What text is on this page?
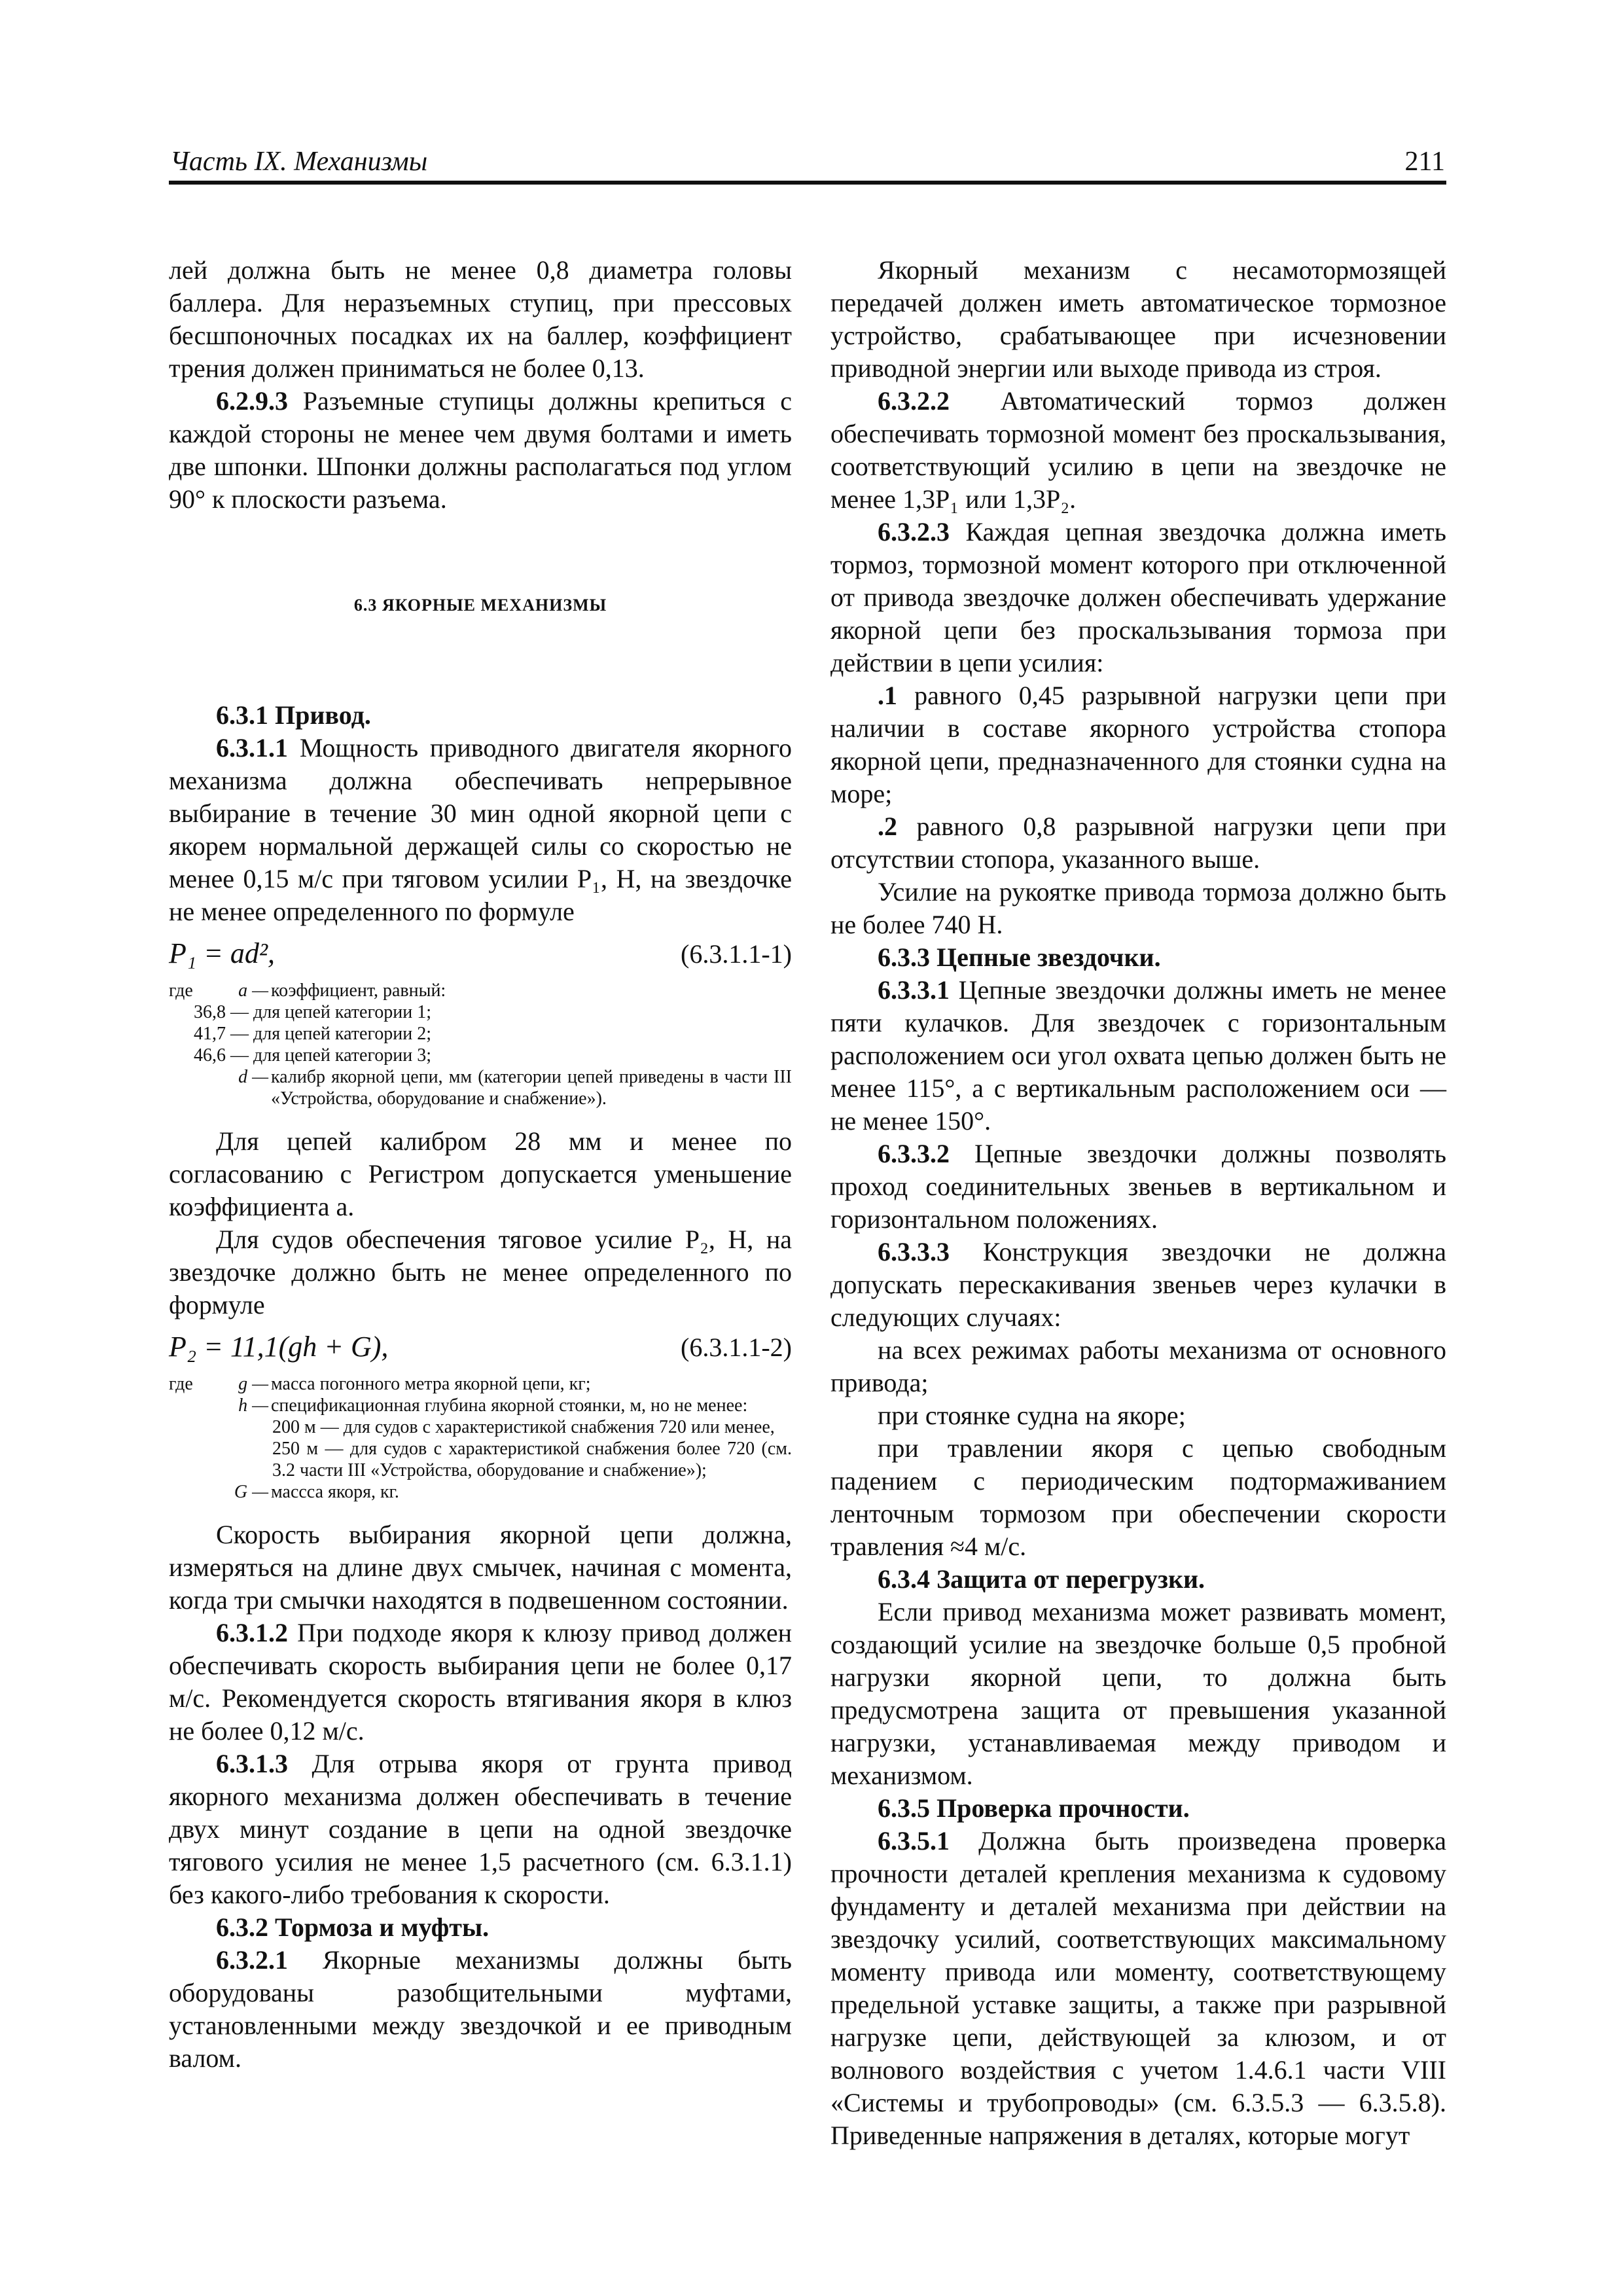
Часть IX. Механизмы	211

лей должна быть не менее 0,8 диаметра головы баллера. Для неразъемных ступиц, при прессовых бесшпоночных посадках их на баллер, коэффициент трения должен приниматься не более 0,13.

6.2.9.3 Разъемные ступицы должны крепиться с каждой стороны не менее чем двумя болтами и иметь две шпонки. Шпонки должны располагаться под углом 90° к плоскости разъема.

6.3 ЯКОРНЫЕ МЕХАНИЗМЫ

6.3.1 Привод.

6.3.1.1 Мощность приводного двигателя якорного механизма должна обеспечивать непрерывное выбирание в течение 30 мин одной якорной цепи с якорем нормальной держащей силы со скоростью не менее 0,15 м/с при тяговом усилии P₁, Н, на звездочке не менее определенного по формуле

P₁ = ad²,	(6.3.1.1-1)
где	a — коэффициент, равный:
36,8 — для цепей категории 1;
41,7 — для цепей категории 2;
46,6 — для цепей категории 3;
d — калибр якорной цепи, мм (категории цепей приведены в части III «Устройства, оборудование и снабжение»).

Для цепей калибром 28 мм и менее по согласованию с Регистром допускается уменьшение коэффициента a.

Для судов обеспечения тяговое усилие P₂, Н, на звездочке должно быть не менее определенного по формуле

P₂ = 11,1(gh + G),	(6.3.1.1-2)
где	g — масса погонного метра якорной цепи, кг;
h — спецификационная глубина якорной стоянки, м, но не менее:
200 м — для судов с характеристикой снабжения 720 или менее,
250 м — для судов с характеристикой снабжения более 720 (см. 3.2 части III «Устройства, оборудование и снабжение»);
G — массса якоря, кг.

Скорость выбирания якорной цепи должна, измеряться на длине двух смычек, начиная с момента, когда три смычки находятся в подвешенном состоянии.

6.3.1.2 При подходе якоря к клюзу привод должен обеспечивать скорость выбирания цепи не более 0,17 м/с. Рекомендуется скорость втягивания якоря в клюз не более 0,12 м/с.

6.3.1.3 Для отрыва якоря от грунта привод якорного механизма должен обеспечивать в течение двух минут создание в цепи на одной звездочке тягового усилия не менее 1,5 расчетного (см. 6.3.1.1) без какого-либо требования к скорости.

6.3.2 Тормоза и муфты.

6.3.2.1 Якорные механизмы должны быть оборудованы разобщительными муфтами, установленными между звездочкой и ее приводным валом.

Якорный механизм с несамотормозящей передачей должен иметь автоматическое тормозное устройство, срабатывающее при исчезновении приводной энергии или выходе привода из строя.

6.3.2.2 Автоматический тормоз должен обеспечивать тормозной момент без проскальзывания, соответствующий усилию в цепи на звездочке не менее 1,3P₁ или 1,3P₂.

6.3.2.3 Каждая цепная звездочка должна иметь тормоз, тормозной момент которого при отключенной от привода звездочке должен обеспечивать удержание якорной цепи без проскальзывания тормоза при действии в цепи усилия:

.1 равного 0,45 разрывной нагрузки цепи при наличии в составе якорного устройства стопора якорной цепи, предназначенного для стоянки судна на море;

.2 равного 0,8 разрывной нагрузки цепи при отсутствии стопора, указанного выше.

Усилие на рукоятке привода тормоза должно быть не более 740 Н.

6.3.3 Цепные звездочки.

6.3.3.1 Цепные звездочки должны иметь не менее пяти кулачков. Для звездочек с горизонтальным расположением оси угол охвата цепью должен быть не менее 115°, а с вертикальным расположением оси — не менее 150°.

6.3.3.2 Цепные звездочки должны позволять проход соединительных звеньев в вертикальном и горизонтальном положениях.

6.3.3.3 Конструкция звездочки не должна допускать перескакивания звеньев через кулачки в следующих случаях:

на всех режимах работы механизма от основного привода;

при стоянке судна на якоре;

при травлении якоря с цепью свободным падением с периодическим подтормаживанием ленточным тормозом при обеспечении скорости травления ≈4 м/с.

6.3.4 Защита от перегрузки.

Если привод механизма может развивать момент, создающий усилие на звездочке больше 0,5 пробной нагрузки якорной цепи, то должна быть предусмотрена защита от превышения указанной нагрузки, устанавливаемая между приводом и механизмом.

6.3.5 Проверка прочности.

6.3.5.1 Должна быть произведена проверка прочности деталей крепления механизма к судовому фундаменту и деталей механизма при действии на звездочку усилий, соответствующих максимальному моменту привода или моменту, соответствующему предельной уставке защиты, а также при разрывной нагрузке цепи, действующей за клюзом, и от волнового воздействия с учетом 1.4.6.1 части VIII «Системы и трубопроводы» (см. 6.3.5.3 — 6.3.5.8). Приведенные напряжения в деталях, которые могут
